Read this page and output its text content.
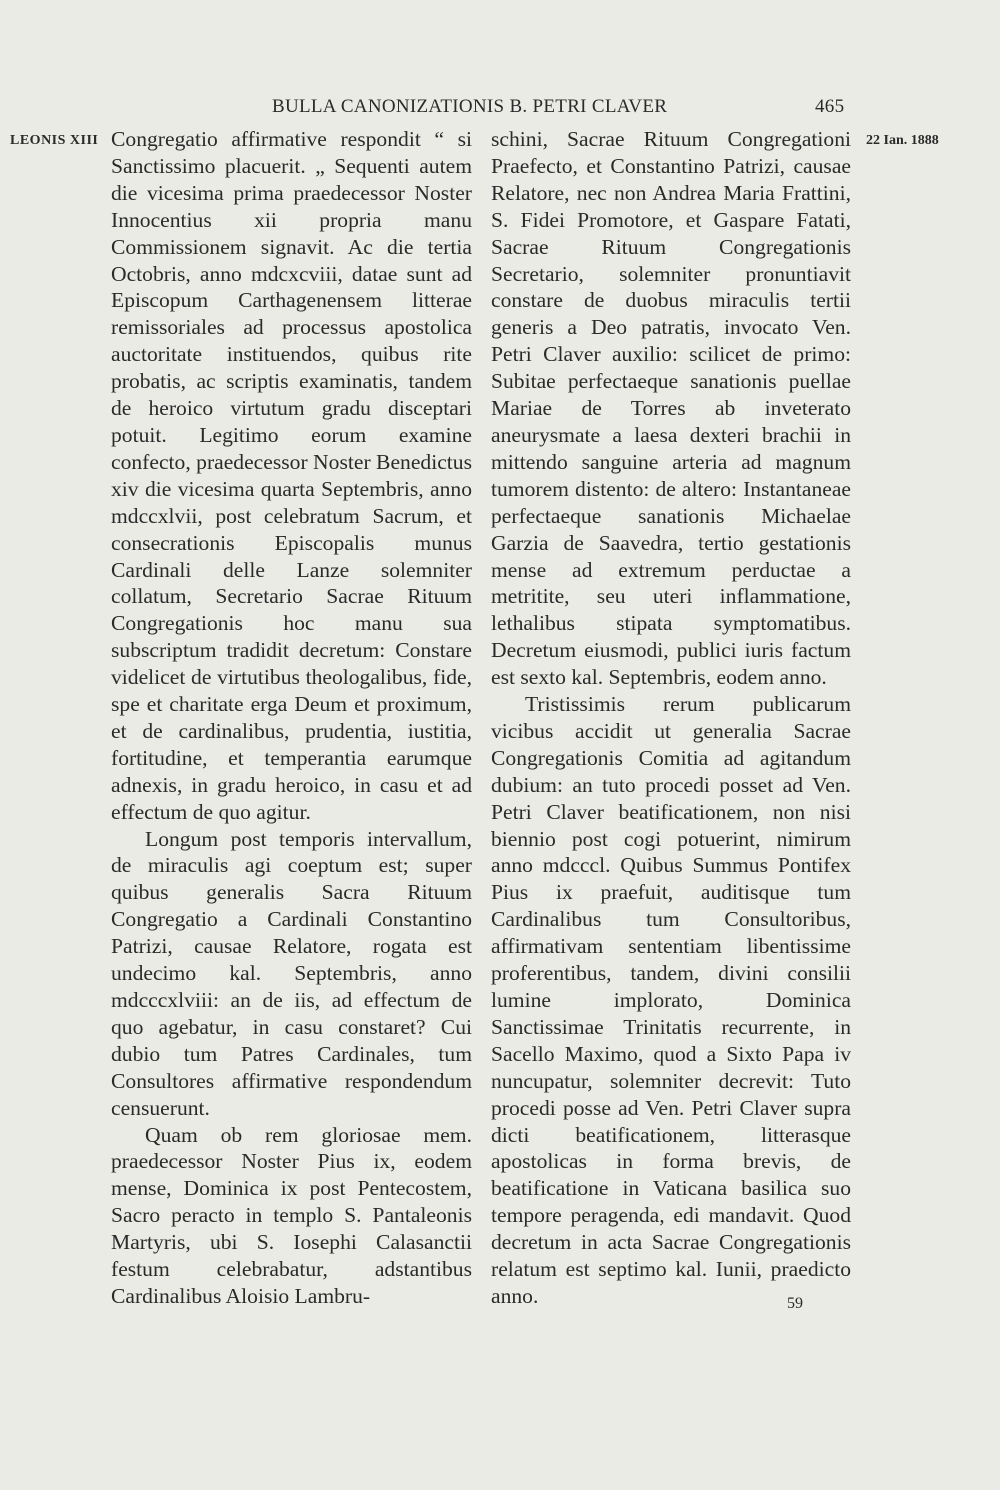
BULLA CANONIZATIONIS B. PETRI CLAVER	465
LEONIS XIII	22 Ian. 1888

Congregatio affirmative respondit “ si Sanctissimo placuerit. „ Sequenti autem die vicesima prima praedecessor Noster Innocentius xii propria manu Commissionem signavit. Ac die tertia Octobris, anno mdcxcviii, datae sunt ad Episcopum Carthagenensem litterae remissoriales ad processus apostolica auctoritate instituendos, quibus rite probatis, ac scriptis examinatis, tandem de heroico virtutum gradu disceptari potuit. Legitimo eorum examine confecto, praedecessor Noster Benedictus xiv die vicesima quarta Septembris, anno mdccxlvii, post celebratum Sacrum, et consecrationis Episcopalis munus Cardinali delle Lanze solemniter collatum, Secretario Sacrae Rituum Congregationis hoc manu sua subscriptum tradidit decretum: Constare videlicet de virtutibus theologalibus, fide, spe et charitate erga Deum et proximum, et de cardinalibus, prudentia, iustitia, fortitudine, et temperantia earumque adnexis, in gradu heroico, in casu et ad effectum de quo agitur.

Longum post temporis intervallum, de miraculis agi coeptum est; super quibus generalis Sacra Rituum Congregatio a Cardinali Constantino Patrizi, causae Relatore, rogata est undecimo kal. Septembris, anno mdcccxlviii: an de iis, ad effectum de quo agebatur, in casu constaret? Cui dubio tum Patres Cardinales, tum Consultores affirmative respondendum censuerunt.

Quam ob rem gloriosae mem. praedecessor Noster Pius ix, eodem mense, Dominica ix post Pentecostem, Sacro peracto in templo S. Pantaleonis Martyris, ubi S. Iosephi Calasanctii festum celebrabatur, adstantibus Cardinalibus Aloisio Lambru-

schini, Sacrae Rituum Congregationi Praefecto, et Constantino Patrizi, causae Relatore, nec non Andrea Maria Frattini, S. Fidei Promotore, et Gaspare Fatati, Sacrae Rituum Congregationis Secretario, solemniter pronuntiavit constare de duobus miraculis tertii generis a Deo patratis, invocato Ven. Petri Claver auxilio: scilicet de primo: Subitae perfectaeque sanationis puellae Mariae de Torres ab inveterato aneurysmate a laesa dexteri brachii in mittendo sanguine arteria ad magnum tumorem distento: de altero: Instantaneae perfectaeque sanationis Michaelae Garzia de Saavedra, tertio gestationis mense ad extremum perductae a metritite, seu uteri inflammatione, lethalibus stipata symptomatibus. Decretum eiusmodi, publici iuris factum est sexto kal. Septembris, eodem anno.

Tristissimis rerum publicarum vicibus accidit ut generalia Sacrae Congregationis Comitia ad agitandum dubium: an tuto procedi posset ad Ven. Petri Claver beatificationem, non nisi biennio post cogi potuerint, nimirum anno mdcccl. Quibus Summus Pontifex Pius ix praefuit, auditisque tum Cardinalibus tum Consultoribus, affirmativam sententiam libentissime proferentibus, tandem, divini consilii lumine implorato, Dominica Sanctissimae Trinitatis recurrente, in Sacello Maximo, quod a Sixto Papa iv nuncupatur, solemniter decrevit: Tuto procedi posse ad Ven. Petri Claver supra dicti beatificationem, litterasque apostolicas in forma brevis, de beatificatione in Vaticana basilica suo tempore peragenda, edi mandavit. Quod decretum in acta Sacrae Congregationis relatum est septimo kal. Iunii, praedicto anno.	59
